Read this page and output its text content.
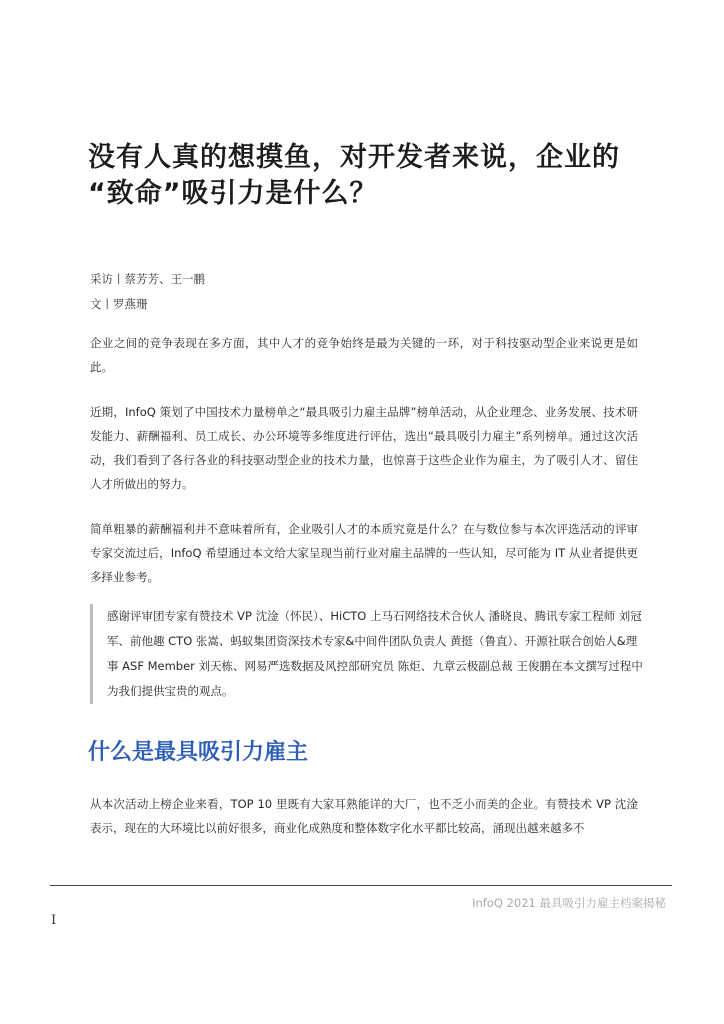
没有人真的想摸鱼，对开发者来说，企业的
“致命”吸引力是什么？
采访丨蔡芳芳、王一鹏
文丨罗燕珊

企业之间的竞争表现在多方面，其中人才的竞争始终是最为关键的一环，对于科技驱动型企业来说更是如此。

近期，InfoQ 策划了中国技术力量榜单之“最具吸引力雇主品牌”榜单活动，从企业理念、业务发展、技术研发能力、薪酬福利、员工成长、办公环境等多维度进行评估，选出“最具吸引力雇主”系列榜单。通过这次活动，我们看到了各行各业的科技驱动型企业的技术力量，也惊喜于这些企业作为雇主，为了吸引人才、留住人才所做出的努力。

简单粗暴的薪酬福利并不意味着所有，企业吸引人才的本质究竟是什么？在与数位参与本次评选活动的评审专家交流过后，InfoQ 希望通过本文给大家呈现当前行业对雇主品牌的一些认知，尽可能为 IT 从业者提供更多择业参考。

感谢评审团专家有赞技术 VP 沈淦（怀民）、HiCTO 上马石网络技术合伙人 潘晓良、腾讯专家工程师 刘冠军、前他趣 CTO 张嵩、蚂蚁集团资深技术专家&中间件团队负责人 黄挺（鲁直）、开源社联合创始人&理事 ASF Member 刘天栋、网易严选数据及风控部研究员 陈炬、九章云极副总裁 王俊鹏在本文撰写过程中为我们提供宝贵的观点。

什么是最具吸引力雇主

从本次活动上榜企业来看，TOP 10 里既有大家耳熟能详的大厂，也不乏小而美的企业。有赞技术 VP 沈淦表示，现在的大环境比以前好很多，商业化成熟度和整体数字化水平都比较高，涌现出越来越多不

InfoQ 2021 最具吸引力雇主档案揭秘
I
